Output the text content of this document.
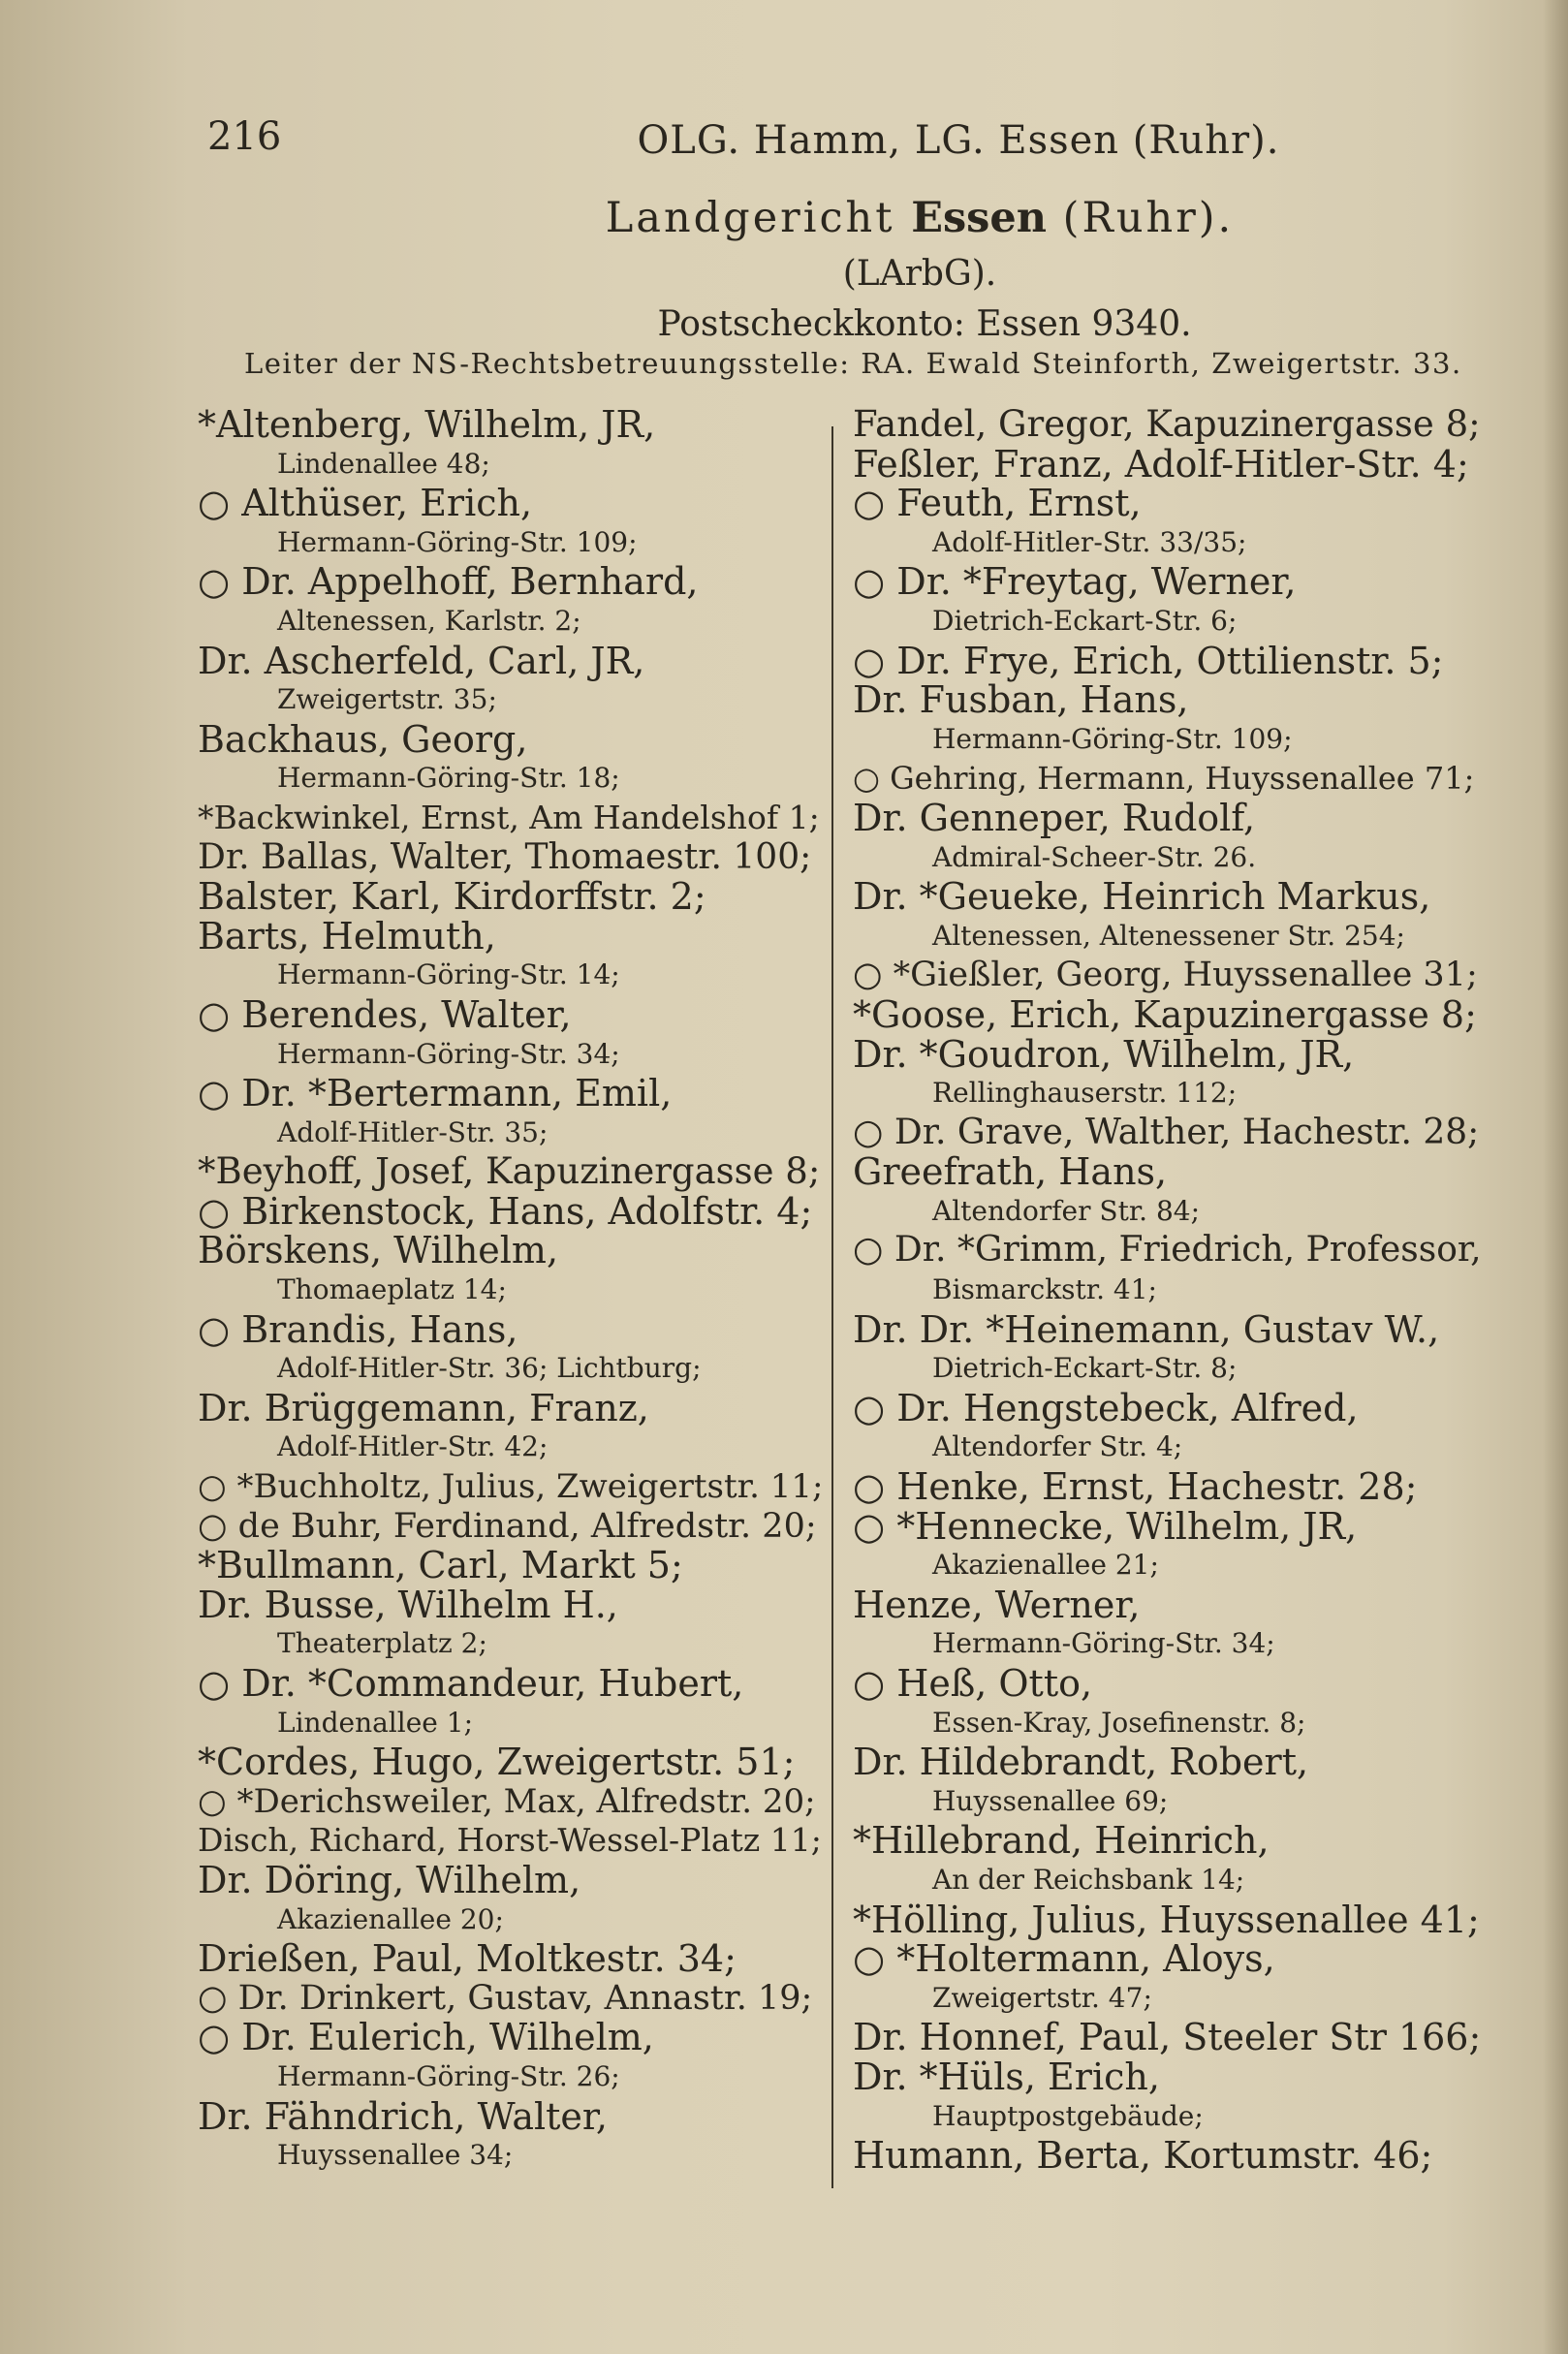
216	OLG. Hamm, LG. Essen (Ruhr).
Landgericht Essen (Ruhr).
(LArbG).
Postscheckkonto: Essen 9340.
Leiter der NS-Rechtsbetreuungsstelle: RA. Ewald Steinforth, Zweigertstr. 33.
*Altenberg, Wilhelm, JR,
Lindenallee 48;
○ Althüser, Erich,
Hermann-Göring-Str. 109;
○ Dr. Appelhoff, Bernhard,
Altenessen, Karlstr. 2;
Dr. Ascherfeld, Carl, JR,
Zweigertstr. 35;
Backhaus, Georg,
Hermann-Göring-Str. 18;
*Backwinkel, Ernst, Am Handelshof 1;
Dr. Ballas, Walter, Thomaestr. 100;
Balster, Karl, Kirdorffstr. 2;
Barts, Helmuth,
Hermann-Göring-Str. 14;
○ Berendes, Walter,
Hermann-Göring-Str. 34;
○ Dr. *Bertermann, Emil,
Adolf-Hitler-Str. 35;
*Beyhoff, Josef, Kapuzinergasse 8;
○ Birkenstock, Hans, Adolfstr. 4;
Börskens, Wilhelm,
Thomaeplatz 14;
○ Brandis, Hans,
Adolf-Hitler-Str. 36; Lichtburg;
Dr. Brüggemann, Franz,
Adolf-Hitler-Str. 42;
○ *Buchholtz, Julius, Zweigertstr. 11;
○ de Buhr, Ferdinand, Alfredstr. 20;
*Bullmann, Carl, Markt 5;
Dr. Busse, Wilhelm H.,
Theaterplatz 2;
○ Dr. *Commandeur, Hubert,
Lindenallee 1;
*Cordes, Hugo, Zweigertstr. 51;
○ *Derichsweiler, Max, Alfredstr. 20;
Disch, Richard, Horst-Wessel-Platz 11;
Dr. Döring, Wilhelm,
Akazienallee 20;
Drießen, Paul, Moltkestr. 34;
○ Dr. Drinkert, Gustav, Annastr. 19;
○ Dr. Eulerich, Wilhelm,
Hermann-Göring-Str. 26;
Dr. Fähndrich, Walter,
Huyssenallee 34;
Fandel, Gregor, Kapuzinergasse 8;
Feßler, Franz, Adolf-Hitler-Str. 4;
○ Feuth, Ernst,
Adolf-Hitler-Str. 33/35;
○ Dr. *Freytag, Werner,
Dietrich-Eckart-Str. 6;
○ Dr. Frye, Erich, Ottilienstr. 5;
Dr. Fusban, Hans,
Hermann-Göring-Str. 109;
○ Gehring, Hermann, Huyssenallee 71;
Dr. Genneper, Rudolf,
Admiral-Scheer-Str. 26.
Dr. *Geueke, Heinrich Markus,
Altenessen, Altenessener Str. 254;
○ *Gießler, Georg, Huyssenallee 31;
*Goose, Erich, Kapuzinergasse 8;
Dr. *Goudron, Wilhelm, JR,
Rellinghauserstr. 112;
○ Dr. Grave, Walther, Hachestr. 28;
Greefrath, Hans,
Altendorfer Str. 84;
○ Dr. *Grimm, Friedrich, Professor,
Bismarckstr. 41;
Dr. Dr. *Heinemann, Gustav W.,
Dietrich-Eckart-Str. 8;
○ Dr. Hengstebeck, Alfred,
Altendorfer Str. 4;
○ Henke, Ernst, Hachestr. 28;
○ *Hennecke, Wilhelm, JR,
Akazienallee 21;
Henze, Werner,
Hermann-Göring-Str. 34;
○ Heß, Otto,
Essen-Kray, Josefinenstr. 8;
Dr. Hildebrandt, Robert,
Huyssenallee 69;
*Hillebrand, Heinrich,
An der Reichsbank 14;
*Hölling, Julius, Huyssenallee 41;
○ *Holtermann, Aloys,
Zweigertstr. 47;
Dr. Honnef, Paul, Steeler Str 166;
Dr. *Hüls, Erich,
Hauptpostgebäude;
Humann, Berta, Kortumstr. 46;
